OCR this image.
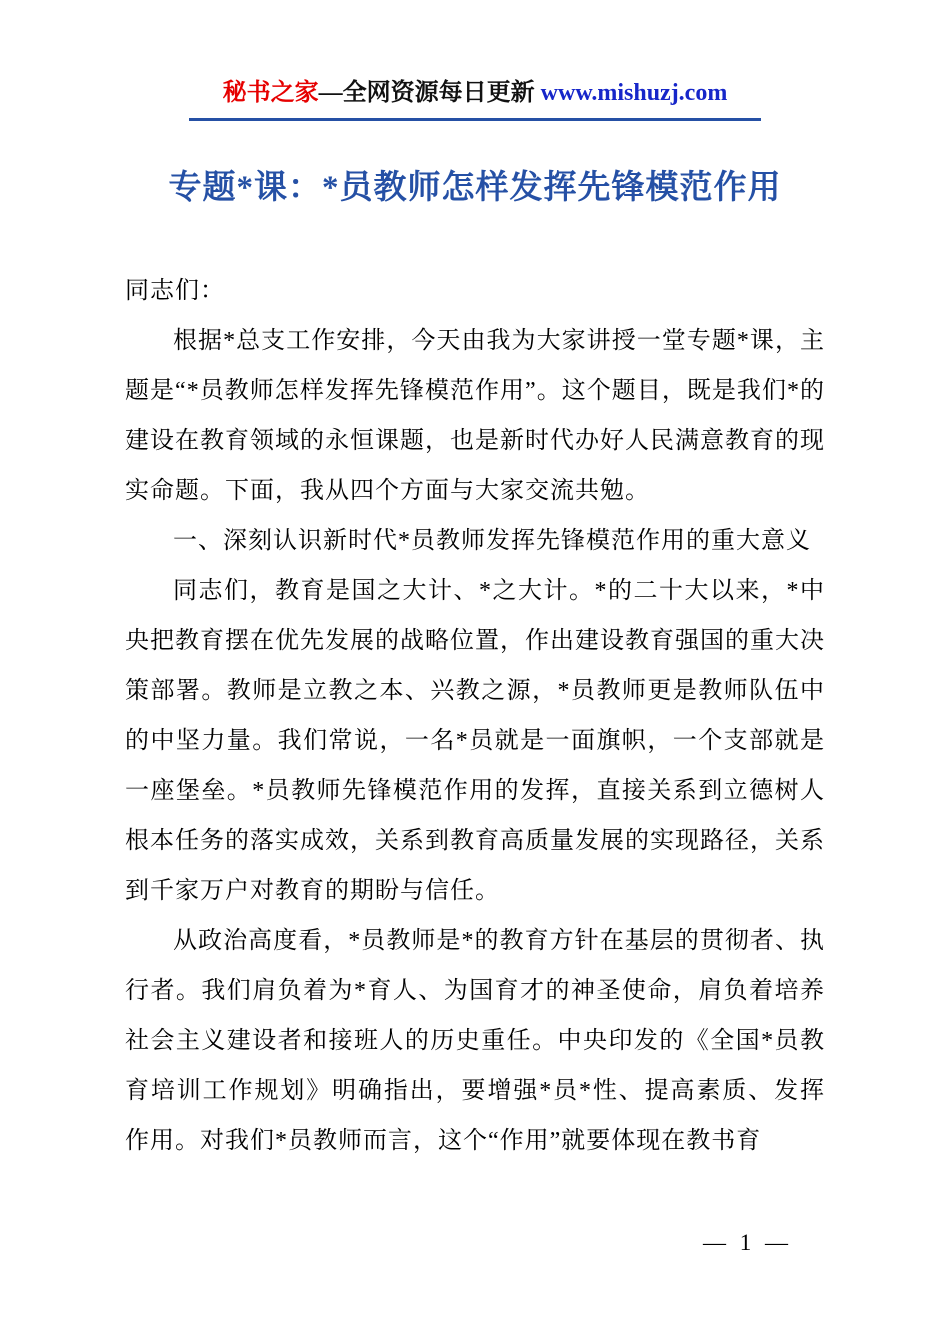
秘书之家—全网资源每日更新 www.mishuzj.com
专题*课：*员教师怎样发挥先锋模范作用

同志们：

根据*总支工作安排，今天由我为大家讲授一堂专题*课，主题是“*员教师怎样发挥先锋模范作用”。这个题目，既是我们*的建设在教育领域的永恒课题，也是新时代办好人民满意教育的现实命题。下面，我从四个方面与大家交流共勉。

一、深刻认识新时代*员教师发挥先锋模范作用的重大意义

同志们，教育是国之大计、*之大计。*的二十大以来，*中央把教育摆在优先发展的战略位置，作出建设教育强国的重大决策部署。教师是立教之本、兴教之源，*员教师更是教师队伍中的中坚力量。我们常说，一名*员就是一面旗帜，一个支部就是一座堡垒。*员教师先锋模范作用的发挥，直接关系到立德树人根本任务的落实成效，关系到教育高质量发展的实现路径，关系到千家万户对教育的期盼与信任。

从政治高度看，*员教师是*的教育方针在基层的贯彻者、执行者。我们肩负着为*育人、为国育才的神圣使命，肩负着培养社会主义建设者和接班人的历史重任。中央印发的《全国*员教育培训工作规划》明确指出，要增强*员*性、提高素质、发挥作用。对我们*员教师而言，这个“作用”就要体现在教书育

— 1 —
